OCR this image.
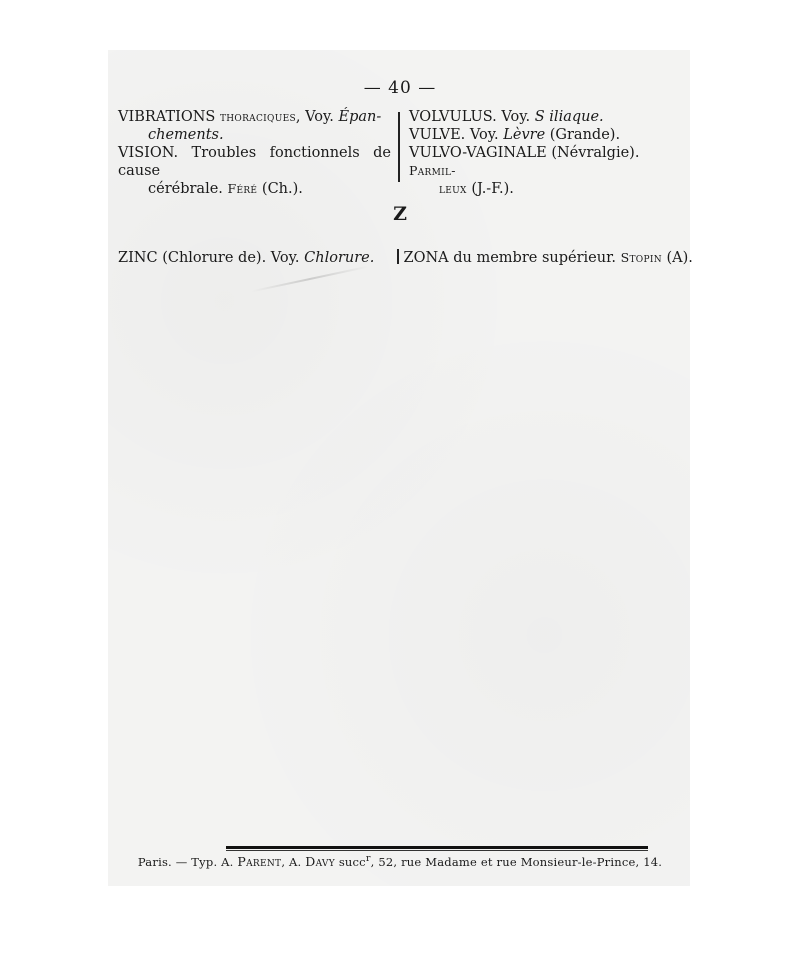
— 40 —

VIBRATIONS thoraciques, Voy. Épan-
chements.

VISION. Troubles fonctionnels de cause
cérébrale. Féré (Ch.).

VOLVULUS. Voy. S iliaque.

VULVE. Voy. Lèvre (Grande).

VULVO-VAGINALE (Névralgie). Parmil-
leux (J.-F.).

Z
ZINC (Chlorure de). Voy. Chlorure.	ZONA du membre supérieur. Stopin (A).
Paris. — Typ. A. Parent, A. Davy succ$^r$, 52, rue Madame et rue Monsieur-le-Prince, 14.
